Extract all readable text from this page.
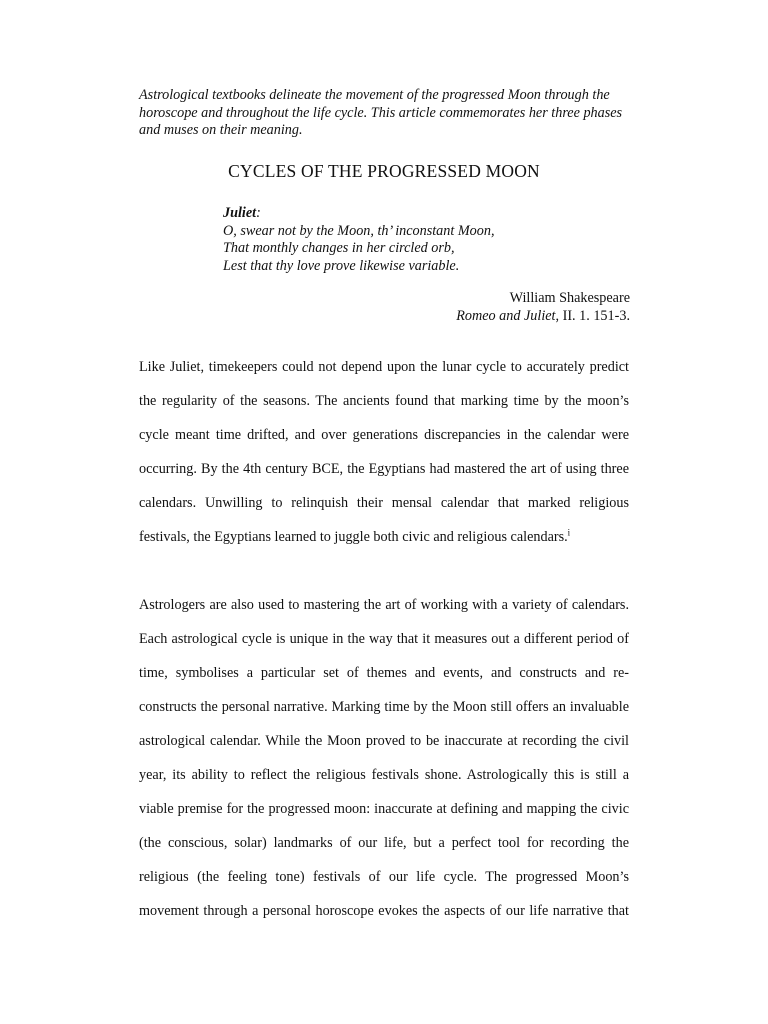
Astrological textbooks delineate the movement of the progressed Moon through the
horoscope and throughout the life cycle. This article commemorates her three phases
and muses on their meaning.

CYCLES OF THE PROGRESSED MOON
Juliet:
O, swear not by the Moon, th’ inconstant Moon,
That monthly changes in her circled orb,
Lest that thy love prove likewise variable.
William Shakespeare
Romeo and Juliet, II. 1. 151-3.
Like Juliet, timekeepers could not depend upon the lunar cycle to accurately predict
the regularity of the seasons. The ancients found that marking time by the moon’s
cycle meant time drifted, and over generations discrepancies in the calendar were
occurring. By the 4th century BCE, the Egyptians had mastered the art of using three
calendars. Unwilling to relinquish their mensal calendar that marked religious
festivals, the Egyptians learned to juggle both civic and religious calendars.$^i$
Astrologers are also used to mastering the art of working with a variety of calendars.
Each astrological cycle is unique in the way that it measures out a different period of
time, symbolises a particular set of themes and events, and constructs and re-
constructs the personal narrative. Marking time by the Moon still offers an invaluable
astrological calendar. While the Moon proved to be inaccurate at recording the civil
year, its ability to reflect the religious festivals shone. Astrologically this is still a
viable premise for the progressed moon: inaccurate at defining and mapping the civic
(the conscious, solar) landmarks of our life, but a perfect tool for recording the
religious (the feeling tone) festivals of our life cycle. The progressed Moon’s
movement through a personal horoscope evokes the aspects of our life narrative that
